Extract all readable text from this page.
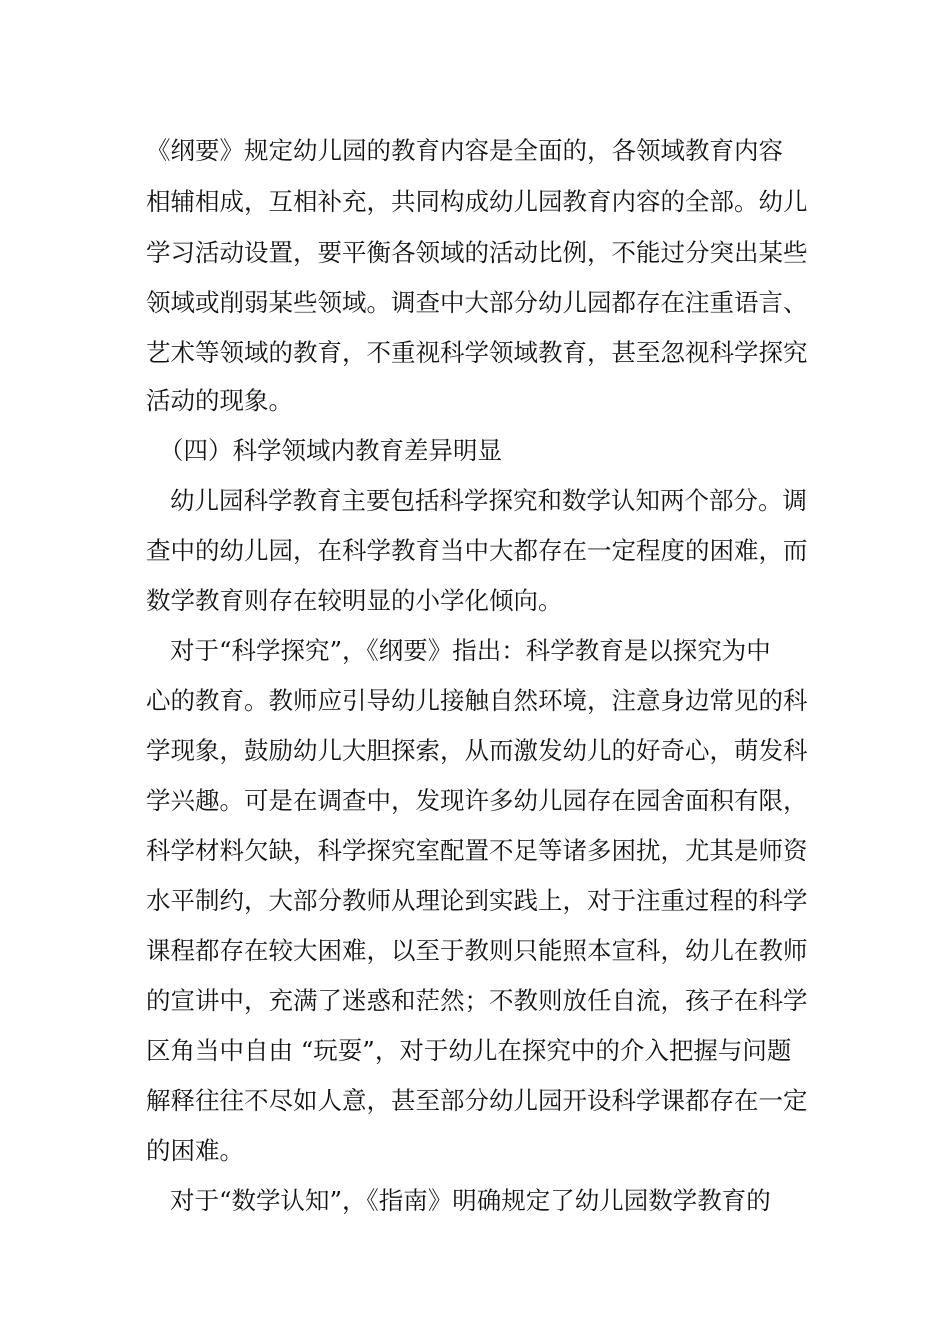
《纲要》规定幼儿园的教育内容是全面的，各领域教育内容

相辅相成，互相补充，共同构成幼儿园教育内容的全部。幼儿

学习活动设置，要平衡各领域的活动比例，不能过分突出某些

领域或削弱某些领域。调查中大部分幼儿园都存在注重语言、

艺术等领域的教育，不重视科学领域教育，甚至忽视科学探究

活动的现象。

（四）科学领域内教育差异明显

幼儿园科学教育主要包括科学探究和数学认知两个部分。调

查中的幼儿园，在科学教育当中大都存在一定程度的困难，而

数学教育则存在较明显的小学化倾向。

对于“科学探究”，《纲要》指出：科学教育是以探究为中

心的教育。教师应引导幼儿接触自然环境，注意身边常见的科

学现象，鼓励幼儿大胆探索，从而激发幼儿的好奇心，萌发科

学兴趣。可是在调查中，发现许多幼儿园存在园舍面积有限，

科学材料欠缺，科学探究室配置不足等诸多困扰，尤其是师资

水平制约，大部分教师从理论到实践上，对于注重过程的科学

课程都存在较大困难，以至于教则只能照本宣科，幼儿在教师

的宣讲中，充满了迷惑和茫然；不教则放任自流，孩子在科学

区角当中自由 “玩耍”，对于幼儿在探究中的介入把握与问题

解释往往不尽如人意，甚至部分幼儿园开设科学课都存在一定

的困难。

对于“数学认知”，《指南》明确规定了幼儿园数学教育的
